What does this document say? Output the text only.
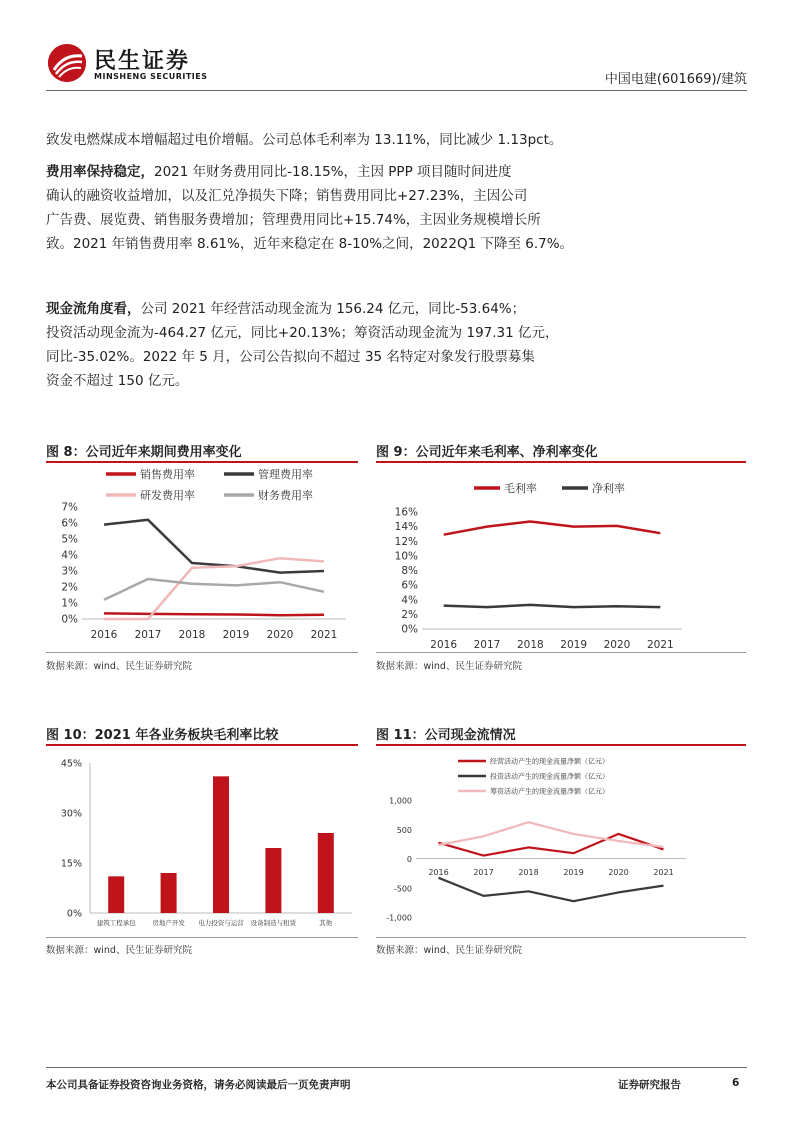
民生证券
MINSHENG SECURITIES	中国电建(601669)/建筑
致发电燃煤成本增幅超过电价增幅。公司总体毛利率为 13.11%，同比减少 1.13pct。
费用率保持稳定，2021 年财务费用同比-18.15%，主因 PPP 项目随时间进度
确认的融资收益增加，以及汇兑净损失下降；销售费用同比+27.23%，主因公司
广告费、展览费、销售服务费增加；管理费用同比+15.74%，主因业务规模增长所
致。2021 年销售费用率 8.61%，近年来稳定在 8-10%之间，2022Q1 下降至 6.7%。
现金流角度看，公司 2021 年经营活动现金流为 156.24 亿元，同比-53.64%；
投资活动现金流为-464.27 亿元，同比+20.13%；筹资活动现金流为 197.31 亿元，
同比-35.02%。2022 年 5 月，公司公告拟向不超过 35 名特定对象发行股票募集
资金不超过 150 亿元。
图 8：公司近年来期间费用率变化
0%
1%
2%
3%
4%
5%
6%
7%
2016 2017 2018 2019 2020 2021
销售费用率	管理费用率
研发费用率	财务费用率
数据来源：wind、民生证券研究院
图 9：公司近年来毛利率、净利率变化
0%
2%
4%
6%
8%
10%
12%
14%
16%
2016 2017 2018 2019 2020 2021
毛利率	净利率
数据来源：wind、民生证券研究院
图 10：2021 年各业务板块毛利率比较
0%
15%
30%
45%
建筑工程承包	房地产开发 电力投资与运营 设备制造与租赁	其他
数据来源：wind、民生证券研究院
图 11：公司现金流情况
-1,000
-500
0
500
1,000
2016	2017	2018	2019	2020	2021
经营活动产生的现金流量净额（亿元）
投资活动产生的现金流量净额（亿元）
筹资活动产生的现金流量净额（亿元）
数据来源：wind、民生证券研究院
本公司具备证券投资咨询业务资格，请务必阅读最后一页免责声明	证券研究报告	6
